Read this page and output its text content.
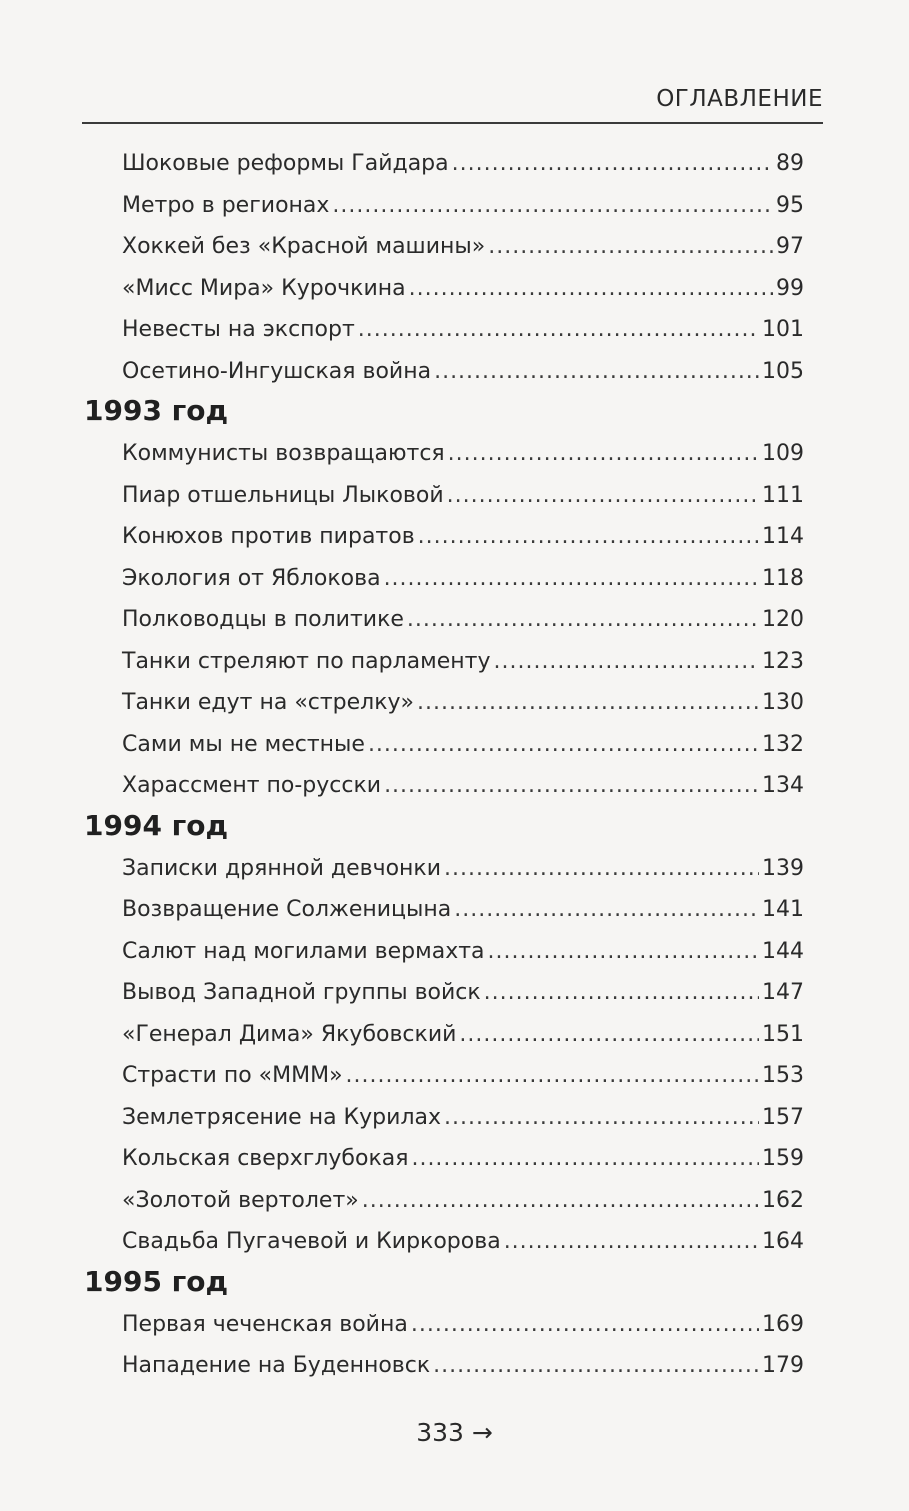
ОГЛАВЛЕНИЕ
Шоковые реформы Гайдара .....	89
Метро в регионах .....	95
Хоккей без «Красной машины» .....	97
«Мисс Мира» Курочкина .....	99
Невесты на экспорт .....	101
Осетино-Ингушская война .....	105
1993 год
Коммунисты возвращаются .....	109
Пиар отшельницы Лыковой .....	111
Конюхов против пиратов .....	114
Экология от Яблокова .....	118
Полководцы в политике .....	120
Танки стреляют по парламенту .....	123
Танки едут на «стрелку» .....	130
Сами мы не местные .....	132
Харассмент по-русски .....	134
1994 год
Записки дрянной девчонки .....	139
Возвращение Солженицына .....	141
Салют над могилами вермахта .....	144
Вывод Западной группы войск .....	147
«Генерал Дима» Якубовский .....	151
Страсти по «МММ» .....	153
Землетрясение на Курилах .....	157
Кольская сверхглубокая .....	159
«Золотой вертолет» .....	162
Свадьба Пугачевой и Киркорова .....	164
1995 год
Первая чеченская война .....	169
Нападение на Буденновск .....	179
333 →
